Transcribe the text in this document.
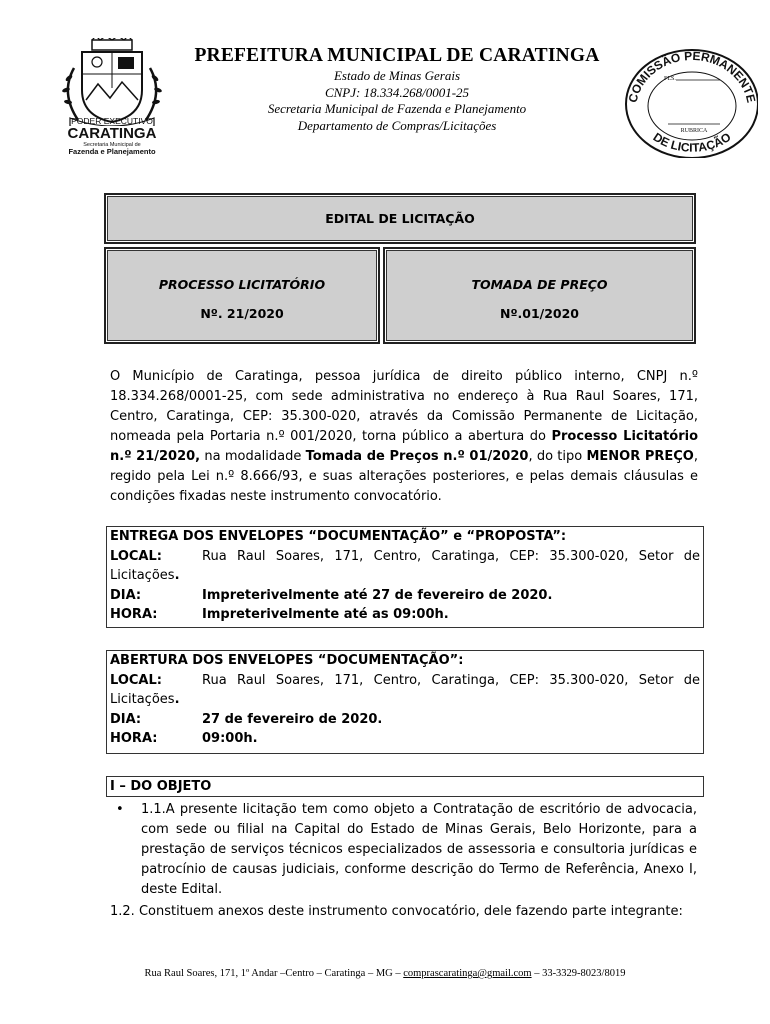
PODER EXECUTIVO
CARATINGA
Secretaria Municipal de
Fazenda e Planejamento
PREFEITURA MUNICIPAL DE CARATINGA
Estado de Minas Gerais
CNPJ: 18.334.268/0001-25
Secretaria Municipal de Fazenda e Planejamento
Departamento de Compras/Licitações
COMISSÃO PERMANENTE
DE LICITAÇÃO
FLS.
RUBRICA
EDITAL DE LICITAÇÃO
PROCESSO LICITATÓRIO
Nº. 21/2020
TOMADA DE PREÇO
Nº.01/2020
O Município de Caratinga, pessoa jurídica de direito público interno, CNPJ n.º 18.334.268/0001-25, com sede administrativa no endereço à Rua Raul Soares, 171, Centro, Caratinga, CEP: 35.300-020, através da Comissão Permanente de Licitação, nomeada pela Portaria n.º 001/2020, torna público a abertura do Processo Licitatório n.º 21/2020, na modalidade Tomada de Preços n.º 01/2020, do tipo MENOR PREÇO, regido pela Lei n.º 8.666/93, e suas alterações posteriores, e pelas demais cláusulas e condições fixadas neste instrumento convocatório.
ENTREGA DOS ENVELOPES “DOCUMENTAÇÃO” e “PROPOSTA”:
LOCAL:	Rua Raul Soares, 171, Centro, Caratinga, CEP: 35.300-020, Setor de
Licitações.
DIA:	Impreterivelmente até 27 de fevereiro de 2020.
HORA:	Impreterivelmente até as 09:00h.
ABERTURA DOS ENVELOPES “DOCUMENTAÇÃO”:
LOCAL:	Rua Raul Soares, 171, Centro, Caratinga, CEP: 35.300-020, Setor de
Licitações.
DIA:	27 de fevereiro de 2020.
HORA:	09:00h.
I – DO OBJETO
• 1.1.A presente licitação tem como objeto a Contratação de escritório de advocacia, com sede ou filial na Capital do Estado de Minas Gerais, Belo Horizonte, para a prestação de serviços técnicos especializados de assessoria e consultoria jurídicas e patrocínio de causas judiciais, conforme descrição do Termo de Referência, Anexo I, deste Edital.
1.2. Constituem anexos deste instrumento convocatório, dele fazendo parte integrante:
Rua Raul Soares, 171, 1º Andar –Centro – Caratinga – MG – comprascaratinga@gmail.com – 33-3329-8023/8019
